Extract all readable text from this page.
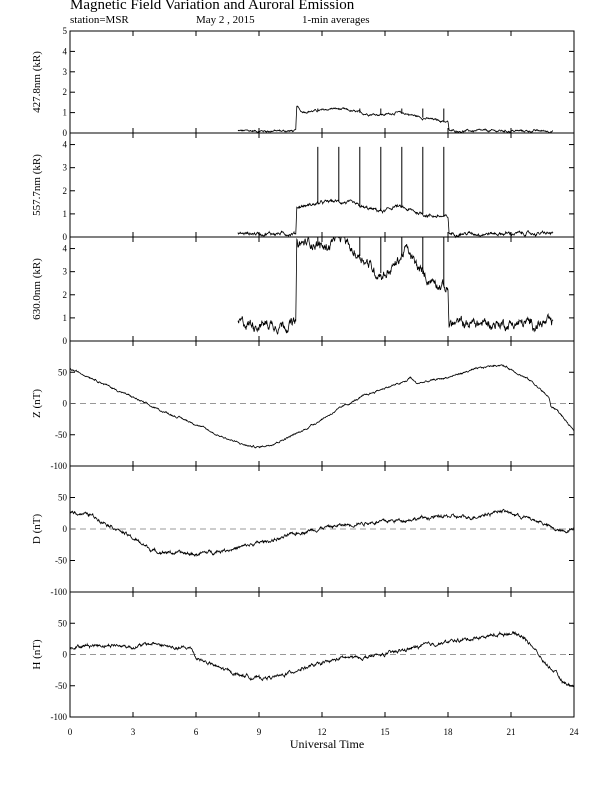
Magnetic Field Variation and Auroral Emission
station=MSR	May 2 , 2015	1-min averages
0
1
2
3
4
5
427.8nm (kR)
0
1
2
3
4
557.7nm (kR)
0
1
2
3
4
630.0nm (kR)
-100
-50
0
50
Z (nT)
-100
-50
0
50
D (nT)
-100
-50
0
50
H (nT)
0	3	6	9	12	15	18	21	24
Universal Time
